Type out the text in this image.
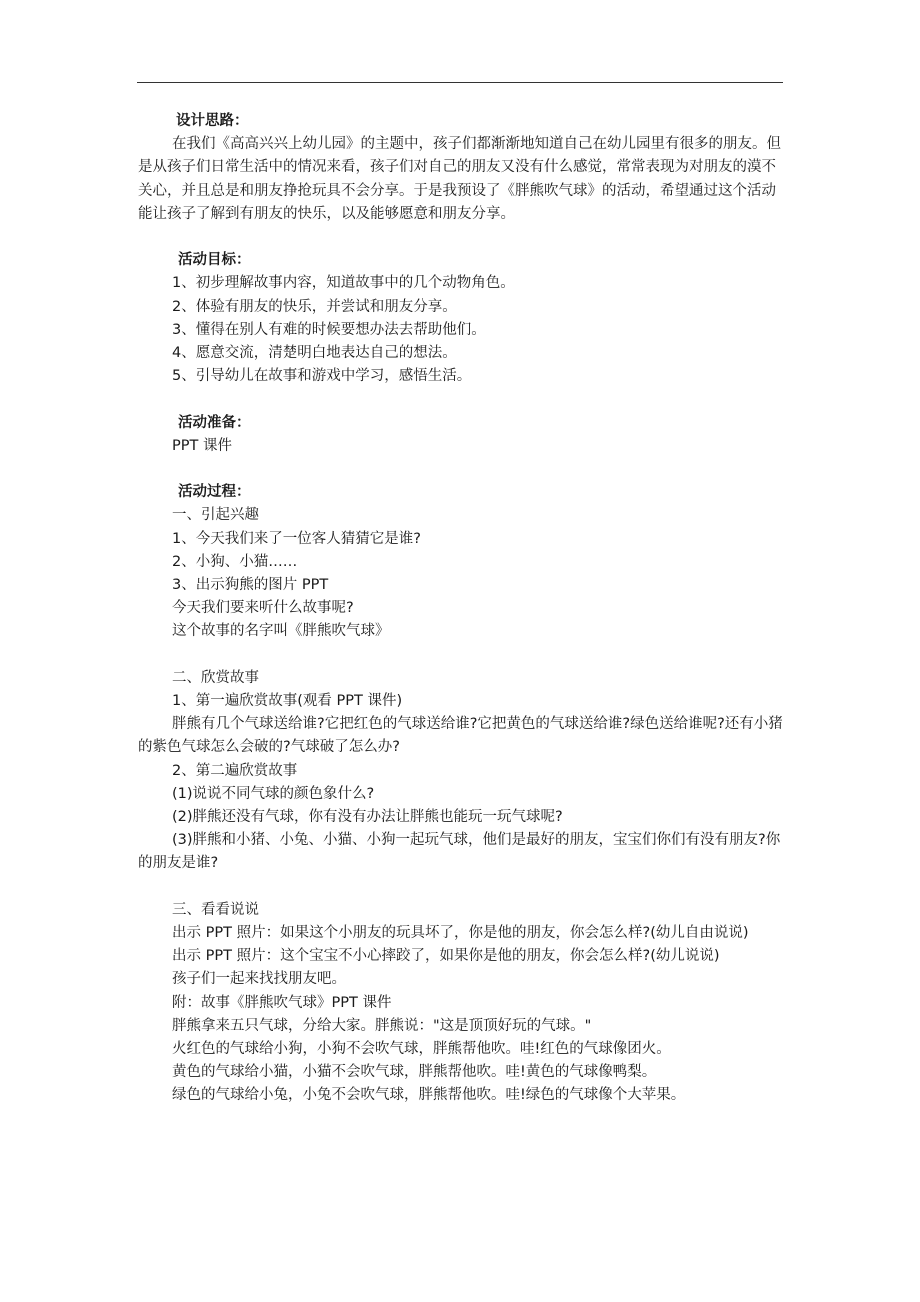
设计思路：
在我们《高高兴兴上幼儿园》的主题中，孩子们都渐渐地知道自己在幼儿园里有很多的朋友。但是从孩子们日常生活中的情况来看，孩子们对自己的朋友又没有什么感觉，常常表现为对朋友的漠不关心，并且总是和朋友挣抢玩具不会分享。于是我预设了《胖熊吹气球》的活动，希望通过这个活动能让孩子了解到有朋友的快乐，以及能够愿意和朋友分享。
活动目标：
1、初步理解故事内容，知道故事中的几个动物角色。
2、体验有朋友的快乐，并尝试和朋友分享。
3、懂得在别人有难的时候要想办法去帮助他们。
4、愿意交流，清楚明白地表达自己的想法。
5、引导幼儿在故事和游戏中学习，感悟生活。
活动准备：
PPT 课件
活动过程：
一、引起兴趣
1、今天我们来了一位客人猜猜它是谁?
2、小狗、小猫……
3、出示狗熊的图片 PPT
今天我们要来听什么故事呢?
这个故事的名字叫《胖熊吹气球》
二、欣赏故事
1、第一遍欣赏故事(观看 PPT 课件)
胖熊有几个气球送给谁?它把红色的气球送给谁?它把黄色的气球送给谁?绿色送给谁呢?还有小猪的紫色气球怎么会破的?气球破了怎么办?
2、第二遍欣赏故事
(1)说说不同气球的颜色象什么?
(2)胖熊还没有气球，你有没有办法让胖熊也能玩一玩气球呢?
(3)胖熊和小猪、小兔、小猫、小狗一起玩气球，他们是最好的朋友，宝宝们你们有没有朋友?你的朋友是谁?
三、看看说说
出示 PPT 照片：如果这个小朋友的玩具坏了，你是他的朋友，你会怎么样?(幼儿自由说说)
出示 PPT 照片：这个宝宝不小心摔跤了，如果你是他的朋友，你会怎么样?(幼儿说说)
孩子们一起来找找朋友吧。
附：故事《胖熊吹气球》PPT 课件
胖熊拿来五只气球，分给大家。胖熊说："这是顶顶好玩的气球。"
火红色的气球给小狗，小狗不会吹气球，胖熊帮他吹。哇!红色的气球像团火。
黄色的气球给小猫，小猫不会吹气球，胖熊帮他吹。哇!黄色的气球像鸭梨。
绿色的气球给小兔，小兔不会吹气球，胖熊帮他吹。哇!绿色的气球像个大苹果。
